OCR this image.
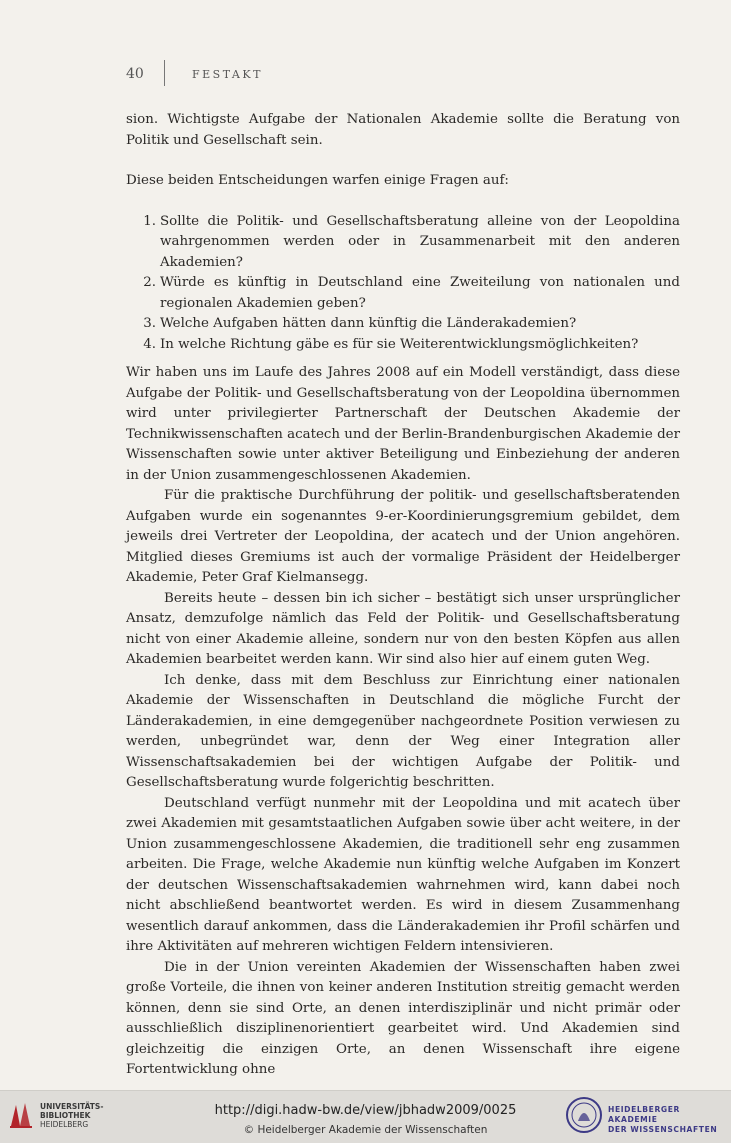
40	FESTAKT

sion. Wichtigste Aufgabe der Nationalen Akademie sollte die Beratung von Politik und Gesellschaft sein.

Diese beiden Entscheidungen warfen einige Fragen auf:

1. Sollte die Politik- und Gesellschaftsberatung alleine von der Leopoldina wahrgenommen werden oder in Zusammenarbeit mit den anderen Akademien?
2. Würde es künftig in Deutschland eine Zweiteilung von nationalen und regionalen Akademien geben?
3. Welche Aufgaben hätten dann künftig die Länderakademien?
4. In welche Richtung gäbe es für sie Weiterentwicklungsmöglichkeiten?

Wir haben uns im Laufe des Jahres 2008 auf ein Modell verständigt, dass diese Aufgabe der Politik- und Gesellschaftsberatung von der Leopoldina übernommen wird unter privilegierter Partnerschaft der Deutschen Akademie der Technikwissenschaften acatech und der Berlin-Brandenburgischen Akademie der Wissenschaften sowie unter aktiver Beteiligung und Einbeziehung der anderen in der Union zusammengeschlossenen Akademien.

Für die praktische Durchführung der politik- und gesellschaftsberatenden Aufgaben wurde ein sogenanntes 9-er-Koordinierungsgremium gebildet, dem jeweils drei Vertreter der Leopoldina, der acatech und der Union angehören. Mitglied dieses Gremiums ist auch der vormalige Präsident der Heidelberger Akademie, Peter Graf Kielmansegg.

Bereits heute – dessen bin ich sicher – bestätigt sich unser ursprünglicher Ansatz, demzufolge nämlich das Feld der Politik- und Gesellschaftsberatung nicht von einer Akademie alleine, sondern nur von den besten Köpfen aus allen Akademien bearbeitet werden kann. Wir sind also hier auf einem guten Weg.

Ich denke, dass mit dem Beschluss zur Einrichtung einer nationalen Akademie der Wissenschaften in Deutschland die mögliche Furcht der Länderakademien, in eine demgegenüber nachgeordnete Position verwiesen zu werden, unbegründet war, denn der Weg einer Integration aller Wissenschaftsakademien bei der wichtigen Aufgabe der Politik- und Gesellschaftsberatung wurde folgerichtig beschritten.

Deutschland verfügt nunmehr mit der Leopoldina und mit acatech über zwei Akademien mit gesamtstaatlichen Aufgaben sowie über acht weitere, in der Union zusammengeschlossene Akademien, die traditionell sehr eng zusammen arbeiten. Die Frage, welche Akademie nun künftig welche Aufgaben im Konzert der deutschen Wissenschaftsakademien wahrnehmen wird, kann dabei noch nicht abschließend beantwortet werden. Es wird in diesem Zusammenhang wesentlich darauf ankommen, dass die Länderakademien ihr Profil schärfen und ihre Aktivitäten auf mehreren wichtigen Feldern intensivieren.

Die in der Union vereinten Akademien der Wissenschaften haben zwei große Vorteile, die ihnen von keiner anderen Institution streitig gemacht werden können, denn sie sind Orte, an denen interdisziplinär und nicht primär oder ausschließlich disziplinenorientiert gearbeitet wird. Und Akademien sind gleichzeitig die einzigen Orte, an denen Wissenschaft ihre eigene Fortentwicklung ohne

UNIVERSITÄTS-
BIBLIOTHEK
HEIDELBERG
http://digi.hadw-bw.de/view/jbhadw2009/0025
© Heidelberger Akademie der Wissenschaften
HEIDELBERGER AKADEMIE
DER WISSENSCHAFTEN
